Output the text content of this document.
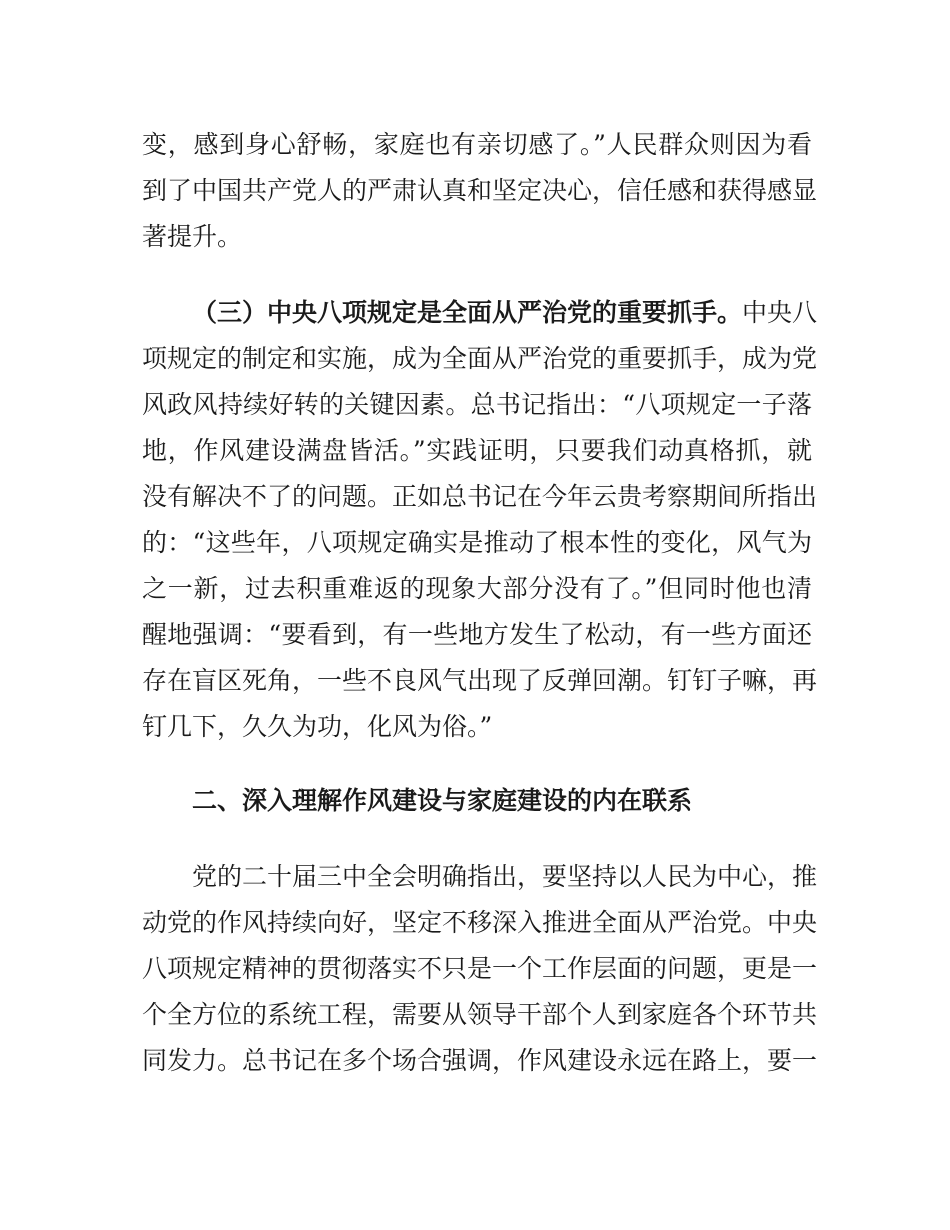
变，感到身心舒畅，家庭也有亲切感了。”人民群众则因为看
到了中国共产党人的严肃认真和坚定决心，信任感和获得感显
著提升。
（三）中央八项规定是全面从严治党的重要抓手。中央八
项规定的制定和实施，成为全面从严治党的重要抓手，成为党
风政风持续好转的关键因素。总书记指出：“八项规定一子落
地，作风建设满盘皆活。”实践证明，只要我们动真格抓，就
没有解决不了的问题。正如总书记在今年云贵考察期间所指出
的：“这些年，八项规定确实是推动了根本性的变化，风气为
之一新，过去积重难返的现象大部分没有了。”但同时他也清
醒地强调：“要看到，有一些地方发生了松动，有一些方面还
存在盲区死角，一些不良风气出现了反弹回潮。钉钉子嘛，再
钉几下，久久为功，化风为俗。”
二、深入理解作风建设与家庭建设的内在联系
党的二十届三中全会明确指出，要坚持以人民为中心，推
动党的作风持续向好，坚定不移深入推进全面从严治党。中央
八项规定精神的贯彻落实不只是一个工作层面的问题，更是一
个全方位的系统工程，需要从领导干部个人到家庭各个环节共
同发力。总书记在多个场合强调，作风建设永远在路上，要一
